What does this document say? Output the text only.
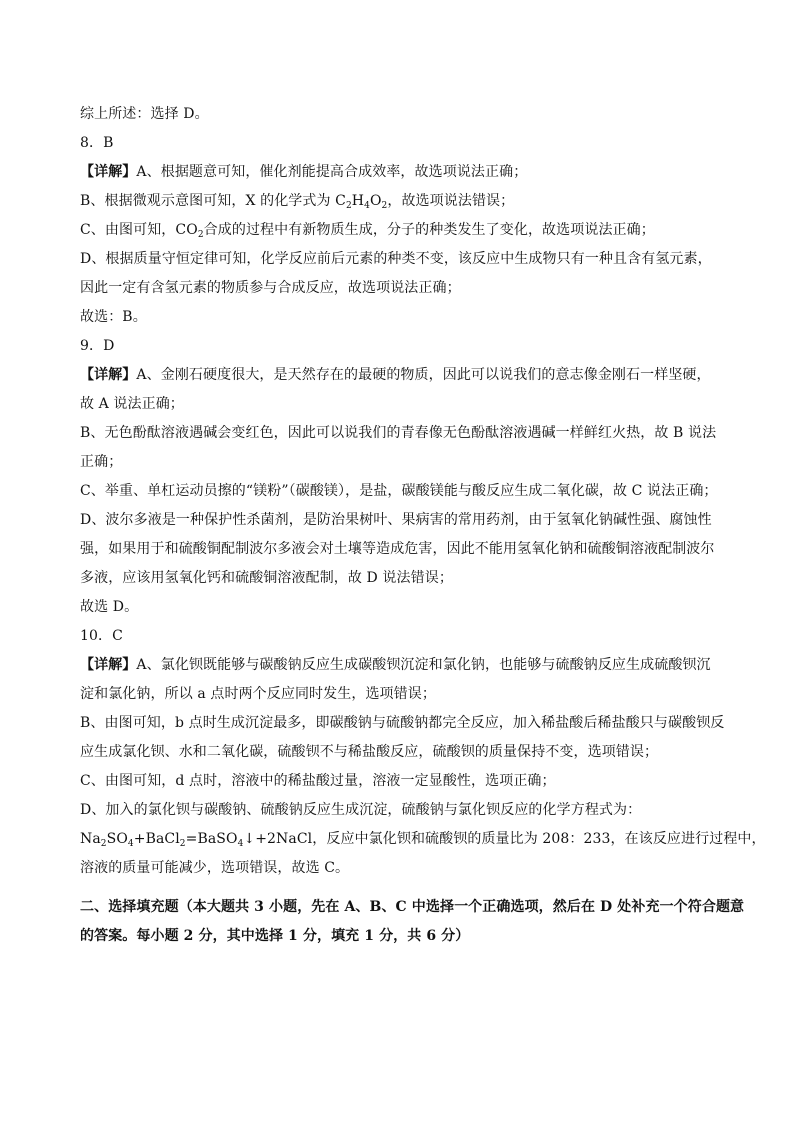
综上所述：选择 D。
8．B
【详解】A、根据题意可知，催化剂能提高合成效率，故选项说法正确；
B、根据微观示意图可知，X 的化学式为 $C_2H_4O_2$，故选项说法错误；
C、由图可知，$CO_2$合成的过程中有新物质生成，分子的种类发生了变化，故选项说法正确；
D、根据质量守恒定律可知，化学反应前后元素的种类不变，该反应中生成物只有一种且含有氢元素，
因此一定有含氢元素的物质参与合成反应，故选项说法正确；
故选：B。
9．D
【详解】A、金刚石硬度很大，是天然存在的最硬的物质，因此可以说我们的意志像金刚石一样坚硬，
故 A 说法正确；
B、无色酚酞溶液遇碱会变红色，因此可以说我们的青春像无色酚酞溶液遇碱一样鲜红火热，故 B 说法
正确；
C、举重、单杠运动员擦的“镁粉”（碳酸镁），是盐，碳酸镁能与酸反应生成二氧化碳，故 C 说法正确；
D、波尔多液是一种保护性杀菌剂，是防治果树叶、果病害的常用药剂，由于氢氧化钠碱性强、腐蚀性
强，如果用于和硫酸铜配制波尔多液会对土壤等造成危害，因此不能用氢氧化钠和硫酸铜溶液配制波尔
多液，应该用氢氧化钙和硫酸铜溶液配制，故 D 说法错误；
故选 D。
10．C
【详解】A、氯化钡既能够与碳酸钠反应生成碳酸钡沉淀和氯化钠，也能够与硫酸钠反应生成硫酸钡沉
淀和氯化钠，所以 a 点时两个反应同时发生，选项错误；
B、由图可知，b 点时生成沉淀最多，即碳酸钠与硫酸钠都完全反应，加入稀盐酸后稀盐酸只与碳酸钡反
应生成氯化钡、水和二氧化碳，硫酸钡不与稀盐酸反应，硫酸钡的质量保持不变，选项错误；
C、由图可知，d 点时，溶液中的稀盐酸过量，溶液一定显酸性，选项正确；
D、加入的氯化钡与碳酸钠、硫酸钠反应生成沉淀，硫酸钠与氯化钡反应的化学方程式为：
$Na_2SO_4+BaCl_2=BaSO_4↓+2NaCl$，反应中氯化钡和硫酸钡的质量比为 208：233，在该反应进行过程中，
溶液的质量可能减少，选项错误，故选 C。
二、选择填充题（本大题共 3 小题，先在 A、B、C 中选择一个正确选项，然后在 D 处补充一个符合题意
的答案。每小题 2 分，其中选择 1 分，填充 1 分，共 6 分）
